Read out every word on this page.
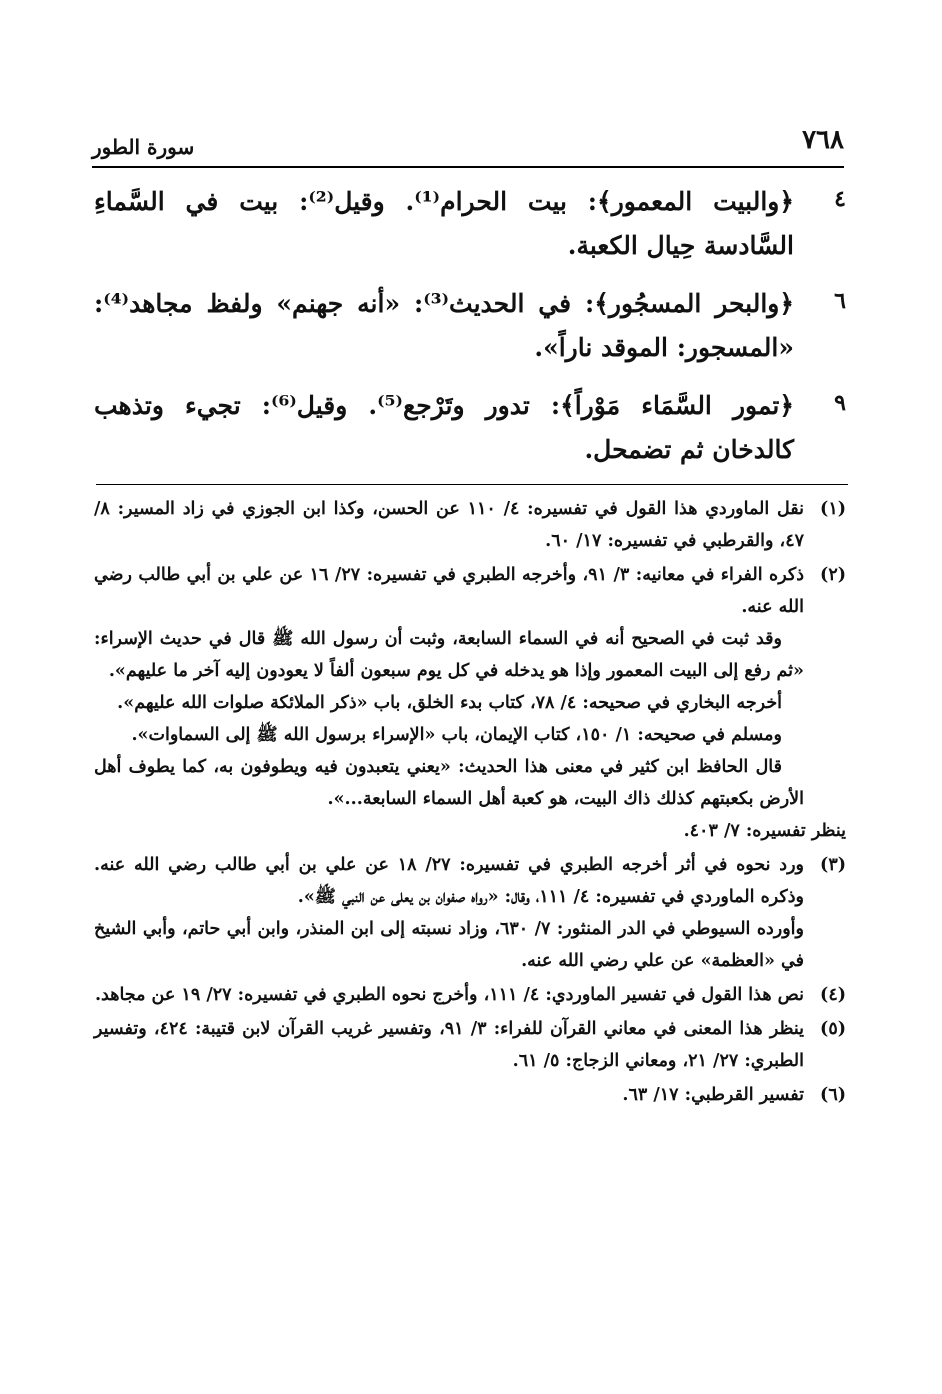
٧٦٨
سورة الطور
٤
﴿والبيت المعمور﴾: بيت الحرام⁽¹⁾. وقيل⁽²⁾: بيت في السَّماءِ السَّادسة حِيال الكعبة.
٦
﴿والبحر المسجُور﴾: في الحديث⁽³⁾: «أنه جهنم» ولفظ مجاهد⁽⁴⁾: «المسجور: الموقد ناراً».
٩
﴿تمور السَّمَاء مَوْراً﴾: تدور وتَرْجع⁽⁵⁾. وقيل⁽⁶⁾: تجيء وتذهب كالدخان ثم تضمحل.
(١)
نقل الماوردي هذا القول في تفسيره: ٤/ ١١٠ عن الحسن، وكذا ابن الجوزي في زاد المسير: ٨/ ٤٧، والقرطبي في تفسيره: ١٧/ ٦٠.
(٢)
ذكره الفراء في معانيه: ٣/ ٩١، وأخرجه الطبري في تفسيره: ٢٧/ ١٦ عن علي بن أبي طالب رضي الله عنه.
وقد ثبت في الصحيح أنه في السماء السابعة، وثبت أن رسول الله ﷺ قال في حديث الإسراء: «ثم رفع إلى البيت المعمور وإذا هو يدخله في كل يوم سبعون ألفاً لا يعودون إليه آخر ما عليهم».
أخرجه البخاري في صحيحه: ٤/ ٧٨، كتاب بدء الخلق، باب «ذكر الملائكة صلوات الله عليهم».
ومسلم في صحيحه: ١/ ١٥٠، كتاب الإيمان، باب «الإسراء برسول الله ﷺ إلى السماوات».
قال الحافظ ابن كثير في معنى هذا الحديث: «يعني يتعبدون فيه ويطوفون به، كما يطوف أهل الأرض بكعبتهم كذلك ذاك البيت، هو كعبة أهل السماء السابعة...».
ينظر تفسيره: ٧/ ٤٠٣.
(٣)
ورد نحوه في أثر أخرجه الطبري في تفسيره: ٢٧/ ١٨ عن علي بن أبي طالب رضي الله عنه. وذكره الماوردي في تفسيره: ٤/ ١١١، وقال: «رواه صفوان بن يعلى عن النبي ﷺ».
وأورده السيوطي في الدر المنثور: ٧/ ٦٣٠، وزاد نسبته إلى ابن المنذر، وابن أبي حاتم، وأبي الشيخ في «العظمة» عن علي رضي الله عنه.
(٤)
نص هذا القول في تفسير الماوردي: ٤/ ١١١، وأخرج نحوه الطبري في تفسيره: ٢٧/ ١٩ عن مجاهد.
(٥)
ينظر هذا المعنى في معاني القرآن للفراء: ٣/ ٩١، وتفسير غريب القرآن لابن قتيبة: ٤٢٤، وتفسير الطبري: ٢٧/ ٢١، ومعاني الزجاج: ٥/ ٦١.
(٦)
تفسير القرطبي: ١٧/ ٦٣.
